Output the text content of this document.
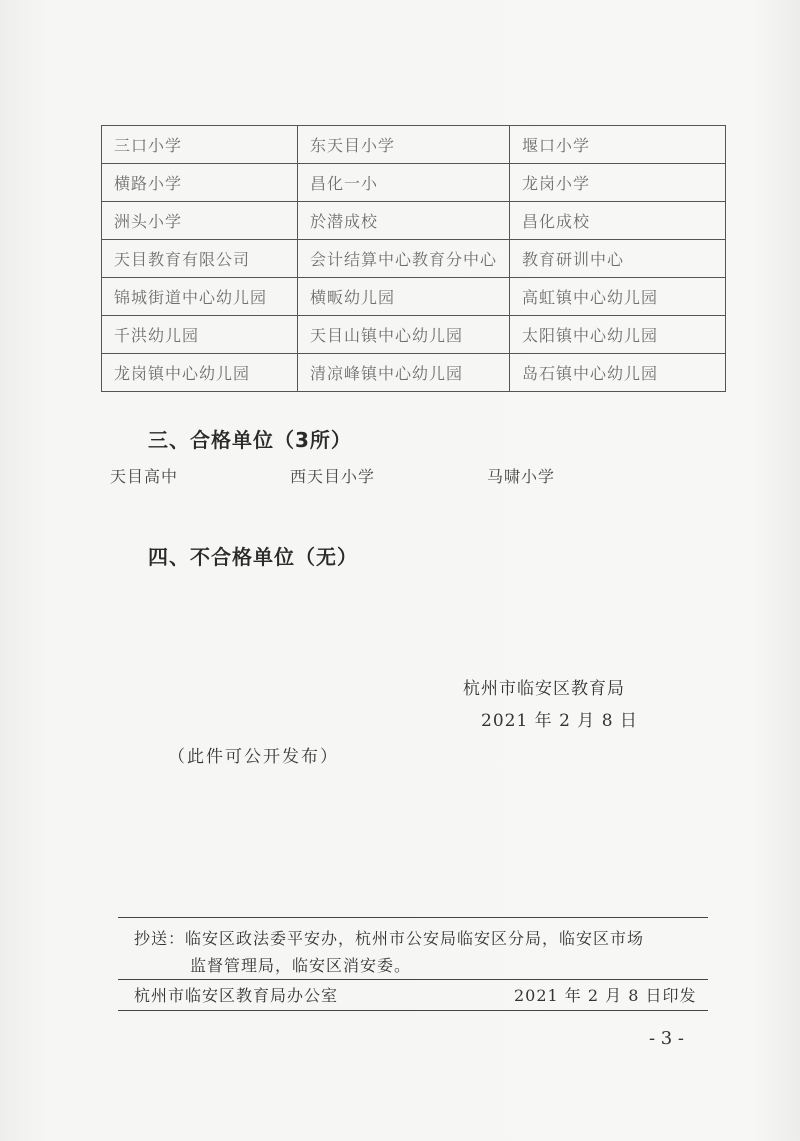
三口小学	东天目小学	堰口小学
横路小学	昌化一小	龙岗小学
洲头小学	於潜成校	昌化成校
天目教育有限公司	会计结算中心教育分中心	教育研训中心
锦城街道中心幼儿园	横畈幼儿园	高虹镇中心幼儿园
千洪幼儿园	天目山镇中心幼儿园	太阳镇中心幼儿园
龙岗镇中心幼儿园	清凉峰镇中心幼儿园	岛石镇中心幼儿园
三、合格单位（3所）
天目高中	西天目小学	马啸小学
四、不合格单位（无）
杭州市临安区教育局
2021 年 2 月 8 日
（此件可公开发布）
抄送：临安区政法委平安办，杭州市公安局临安区分局，临安区市场
监督管理局，临安区消安委。
杭州市临安区教育局办公室	2021 年 2 月 8 日印发
- 3 -
